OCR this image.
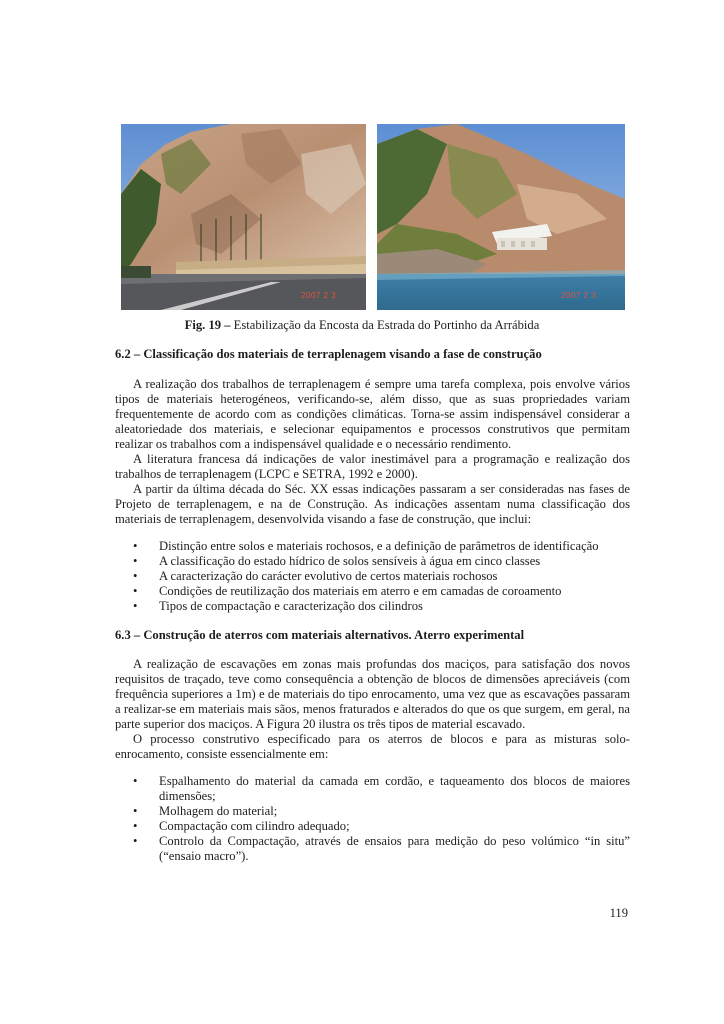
2007 2 3	2007 2 3
Fig. 19 – Estabilização da Encosta da Estrada do Portinho da Arrábida
6.2 – Classificação dos materiais de terraplenagem visando a fase de construção

A realização dos trabalhos de terraplenagem é sempre uma tarefa complexa, pois envolve vários tipos de materiais heterogéneos, verificando-se, além disso, que as suas propriedades variam frequentemente de acordo com as condições climáticas. Torna-se assim indispensável considerar a aleatoriedade dos materiais, e selecionar equipamentos e processos construtivos que permitam realizar os trabalhos com a indispensável qualidade e o necessário rendimento.

A literatura francesa dá indicações de valor inestimável para a programação e realização dos trabalhos de terraplenagem (LCPC e SETRA, 1992 e 2000).

A partir da última década do Séc. XX essas indicações passaram a ser consideradas nas fases de Projeto de terraplenagem, e na de Construção. As indicações assentam numa classificação dos materiais de terraplenagem, desenvolvida visando a fase de construção, que inclui:

• Distinção entre solos e materiais rochosos, e a definição de parâmetros de identificação
• A classificação do estado hídrico de solos sensíveis à água em cinco classes
• A caracterização do carácter evolutivo de certos materiais rochosos
• Condições de reutilização dos materiais em aterro e em camadas de coroamento
• Tipos de compactação e caracterização dos cilindros
6.3 – Construção de aterros com materiais alternativos. Aterro experimental

A realização de escavações em zonas mais profundas dos maciços, para satisfação dos novos requisitos de traçado, teve como consequência a obtenção de blocos de dimensões apreciáveis (com frequência superiores a 1m) e de materiais do tipo enrocamento, uma vez que as escavações passaram a realizar-se em materiais mais sãos, menos fraturados e alterados do que os que surgem, em geral, na parte superior dos maciços. A Figura 20 ilustra os três tipos de material escavado.

O processo construtivo especificado para os aterros de blocos e para as misturas solo-enrocamento, consiste essencialmente em:

• Espalhamento do material da camada em cordão, e taqueamento dos blocos de maiores dimensões;
• Molhagem do material;
• Compactação com cilindro adequado;
• Controlo da Compactação, através de ensaios para medição do peso volúmico “in situ” (“ensaio macro”).
119
